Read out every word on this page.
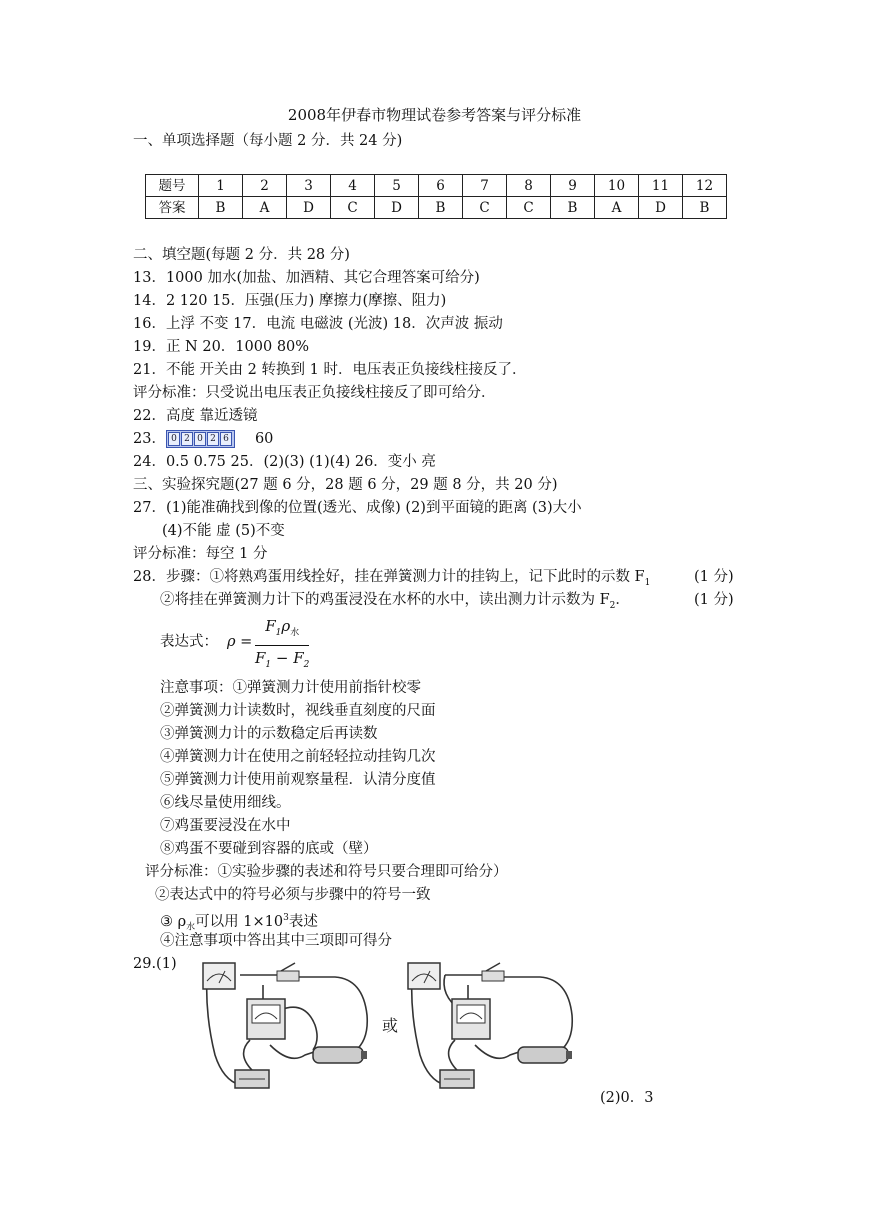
2008年伊春市物理试卷参考答案与评分标准
一、单项选择题（每小题 2 分．共 24 分)
题号	1	2	3	4	5	6	7	8	9	10	11	12
答案	B	A	D	C	D	B	C	C	B	A	D	B
二、填空题(每题 2 分．共 28 分)
13．1000 加水(加盐、加酒精、其它合理答案可给分)
14．2 120 15．压强(压力) 摩擦力(摩擦、阻力)
16．上浮 不变 17．电流 电磁波 (光波) 18．次声波 振动
19．正 N 20．1000 80%
21．不能 开关由 2 转换到 1 时．电压表正负接线柱接反了．
评分标准：只受说出电压表正负接线柱接反了即可给分．
22．高度 靠近透镜
23． 0 2 0 2 6 60
24．0.5 0.75 25．(2)(3) (1)(4) 26．变小 亮
三、实验探究题(27 题 6 分，28 题 6 分，29 题 8 分，共 20 分)
27．(1)能准确找到像的位置(透光、成像) (2)到平面镜的距离 (3)大小
(4)不能 虚 (5)不变
评分标准：每空 1 分
28．步骤：①将熟鸡蛋用线拴好，挂在弹簧测力计的挂钩上，记下此时的示数 $F_1$	(1 分)
②将挂在弹簧测力计下的鸡蛋浸没在水杯的水中，读出测力计示数为 $F_2$．	(1 分)
表达式： ρ =
$F_1\rho_水$
$F_1 - F_2$
注意事项：①弹簧测力计使用前指针校零
②弹簧测力计读数时，视线垂直刻度的尺面
③弹簧测力计的示数稳定后再读数
④弹簧测力计在使用之前轻轻拉动挂钩几次
⑤弹簧测力计使用前观察量程．认清分度值
⑥线尽量使用细线。
⑦鸡蛋要浸没在水中
⑧鸡蛋不要碰到容器的底或（壁）
评分标准：①实验步骤的表述和符号只要合理即可给分）
②表达式中的符号必须与步骤中的符号一致
③ $\rho_水$可以用 $1\times 10^3$表述
④注意事项中答出其中三项即可得分
29.(1)
或
(2)0．3
